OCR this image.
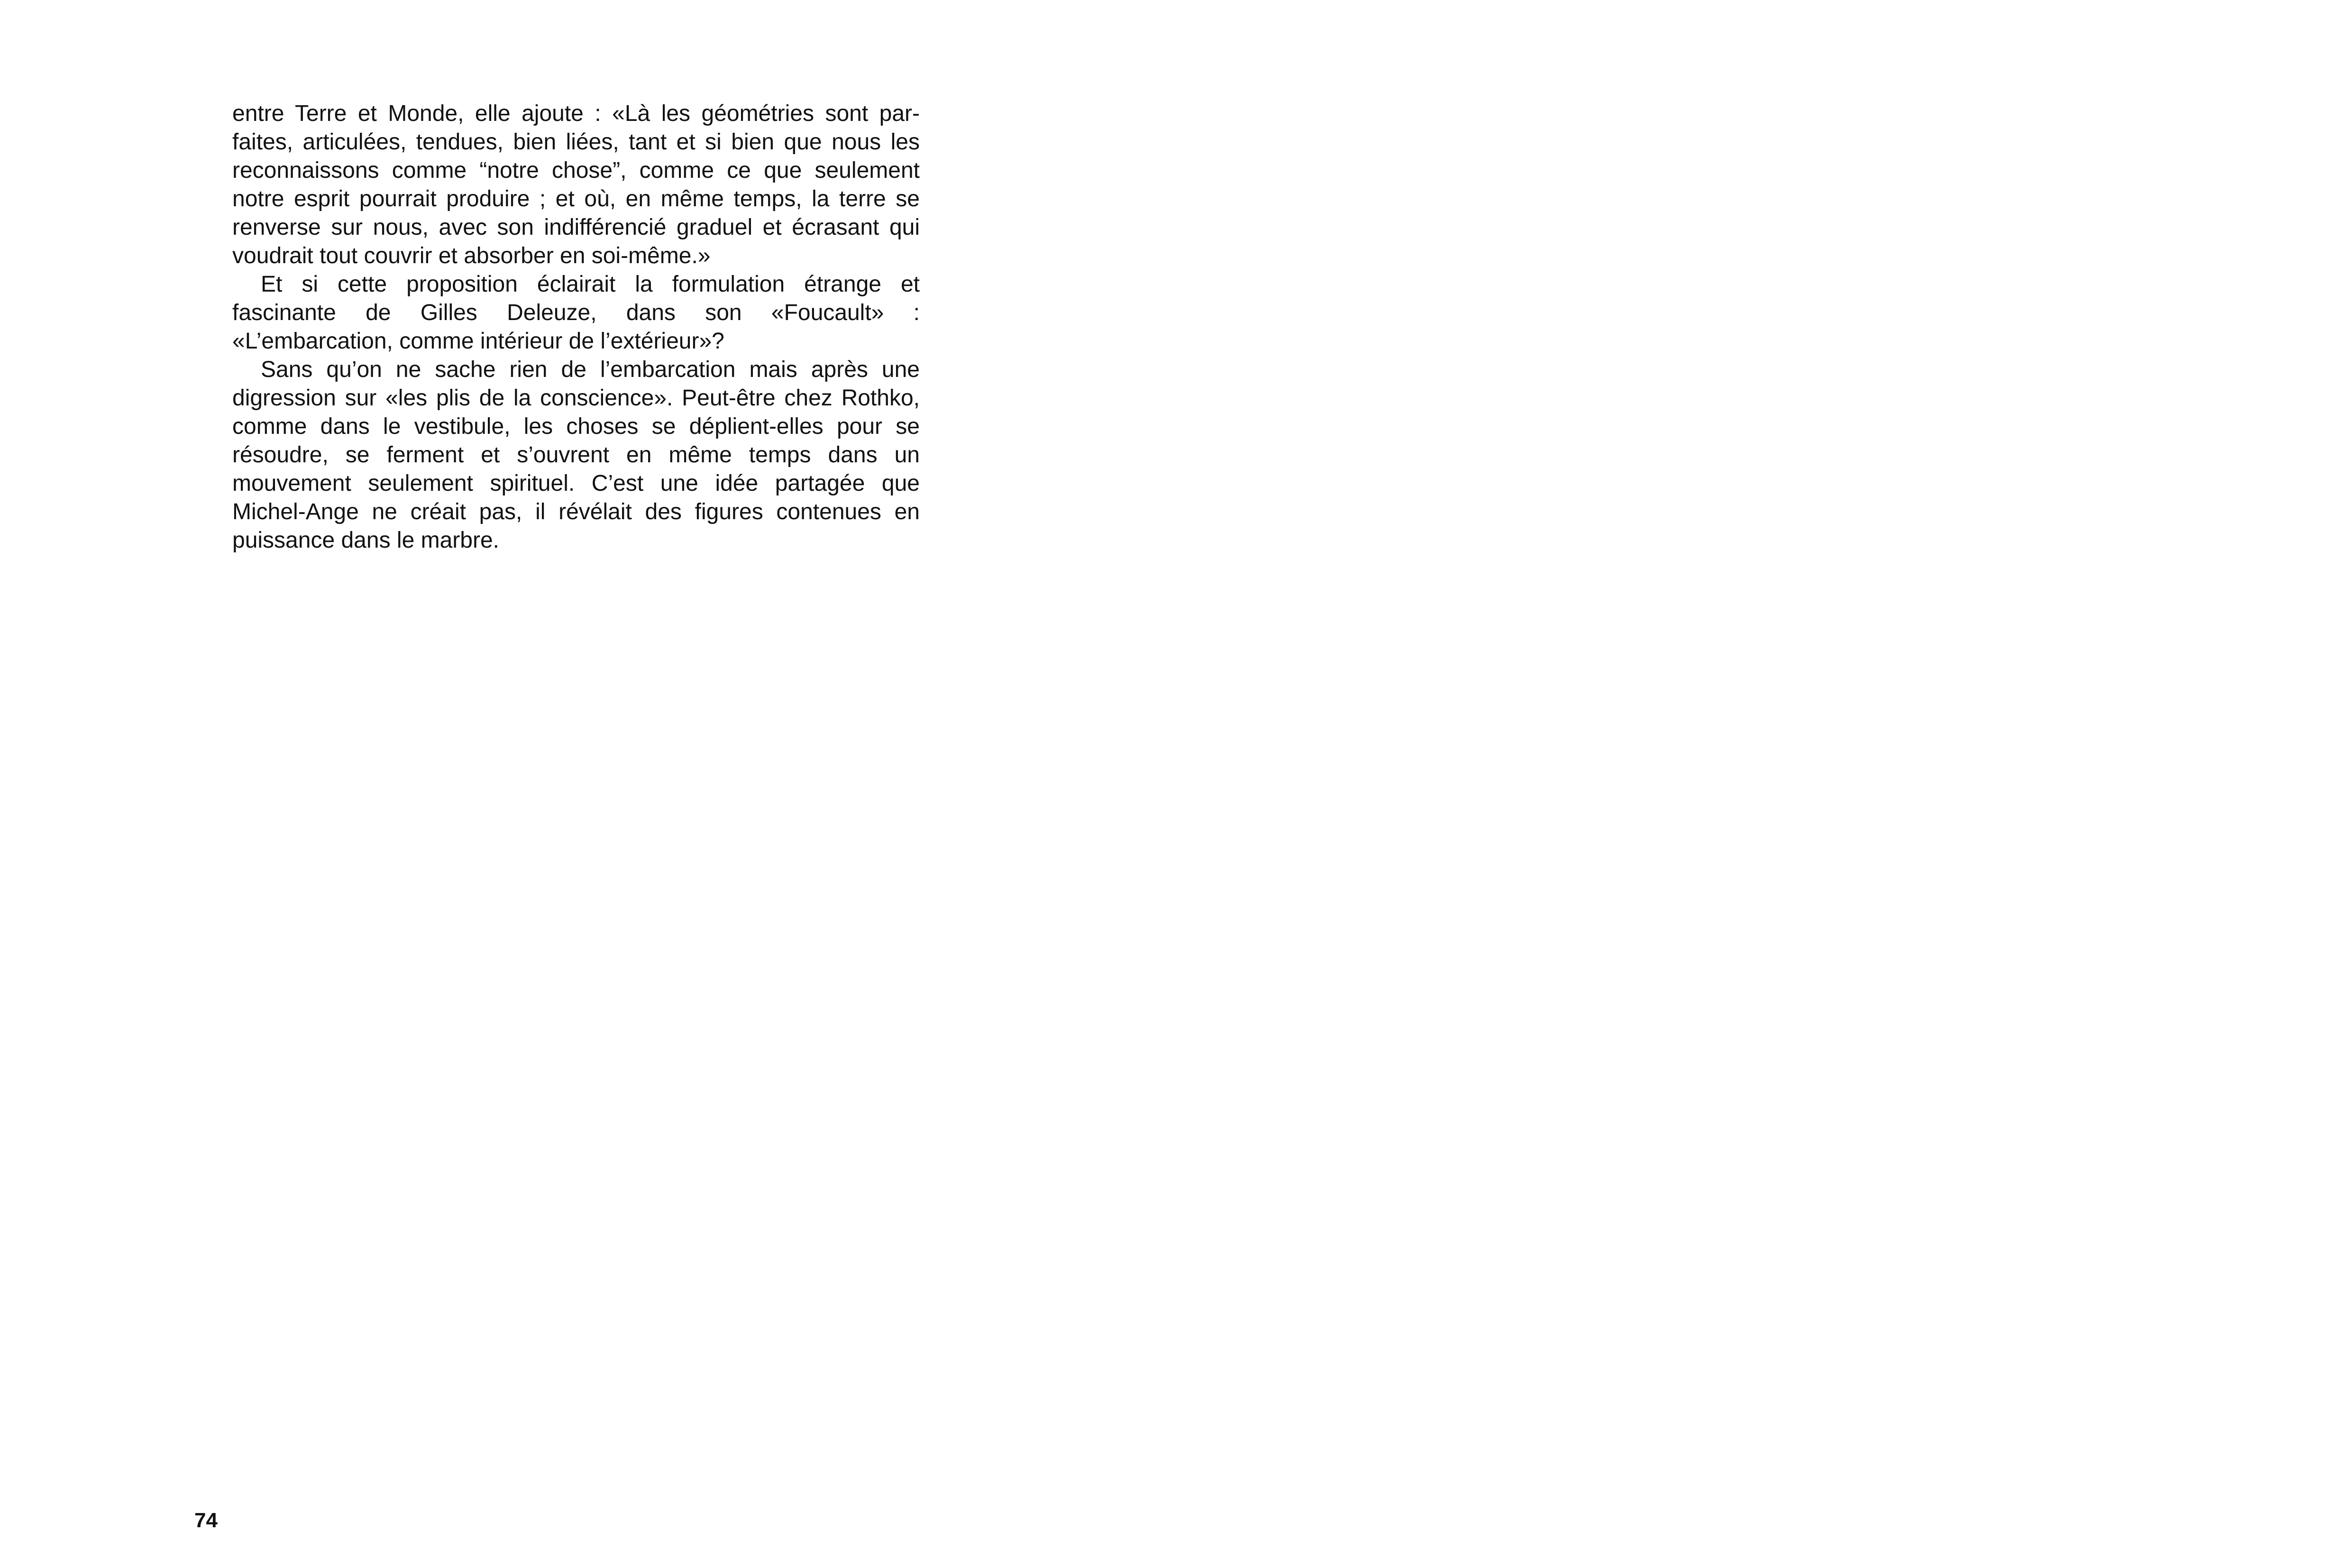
entre Terre et Monde, elle ajoute : «Là les géométries sont parfaites, articulées, tendues, bien liées, tant et si bien que nous les reconnaissons comme “notre chose”, comme ce que seulement notre esprit pourrait produire ; et où, en même temps, la terre se renverse sur nous, avec son indifférencié graduel et écrasant qui voudrait tout couvrir et absorber en soi-même.»

Et si cette proposition éclairait la formulation étrange et fascinante de Gilles Deleuze, dans son «Foucault» : «L’embarcation, comme intérieur de l’extérieur»?

Sans qu’on ne sache rien de l’embarcation mais après une digression sur «les plis de la conscience». Peut-être chez Rothko, comme dans le vestibule, les choses se déplient-elles pour se résoudre, se ferment et s’ouvrent en même temps dans un mouvement seulement spirituel. C’est une idée partagée que Michel-Ange ne créait pas, il révélait des figures contenues en puissance dans le marbre.

74
